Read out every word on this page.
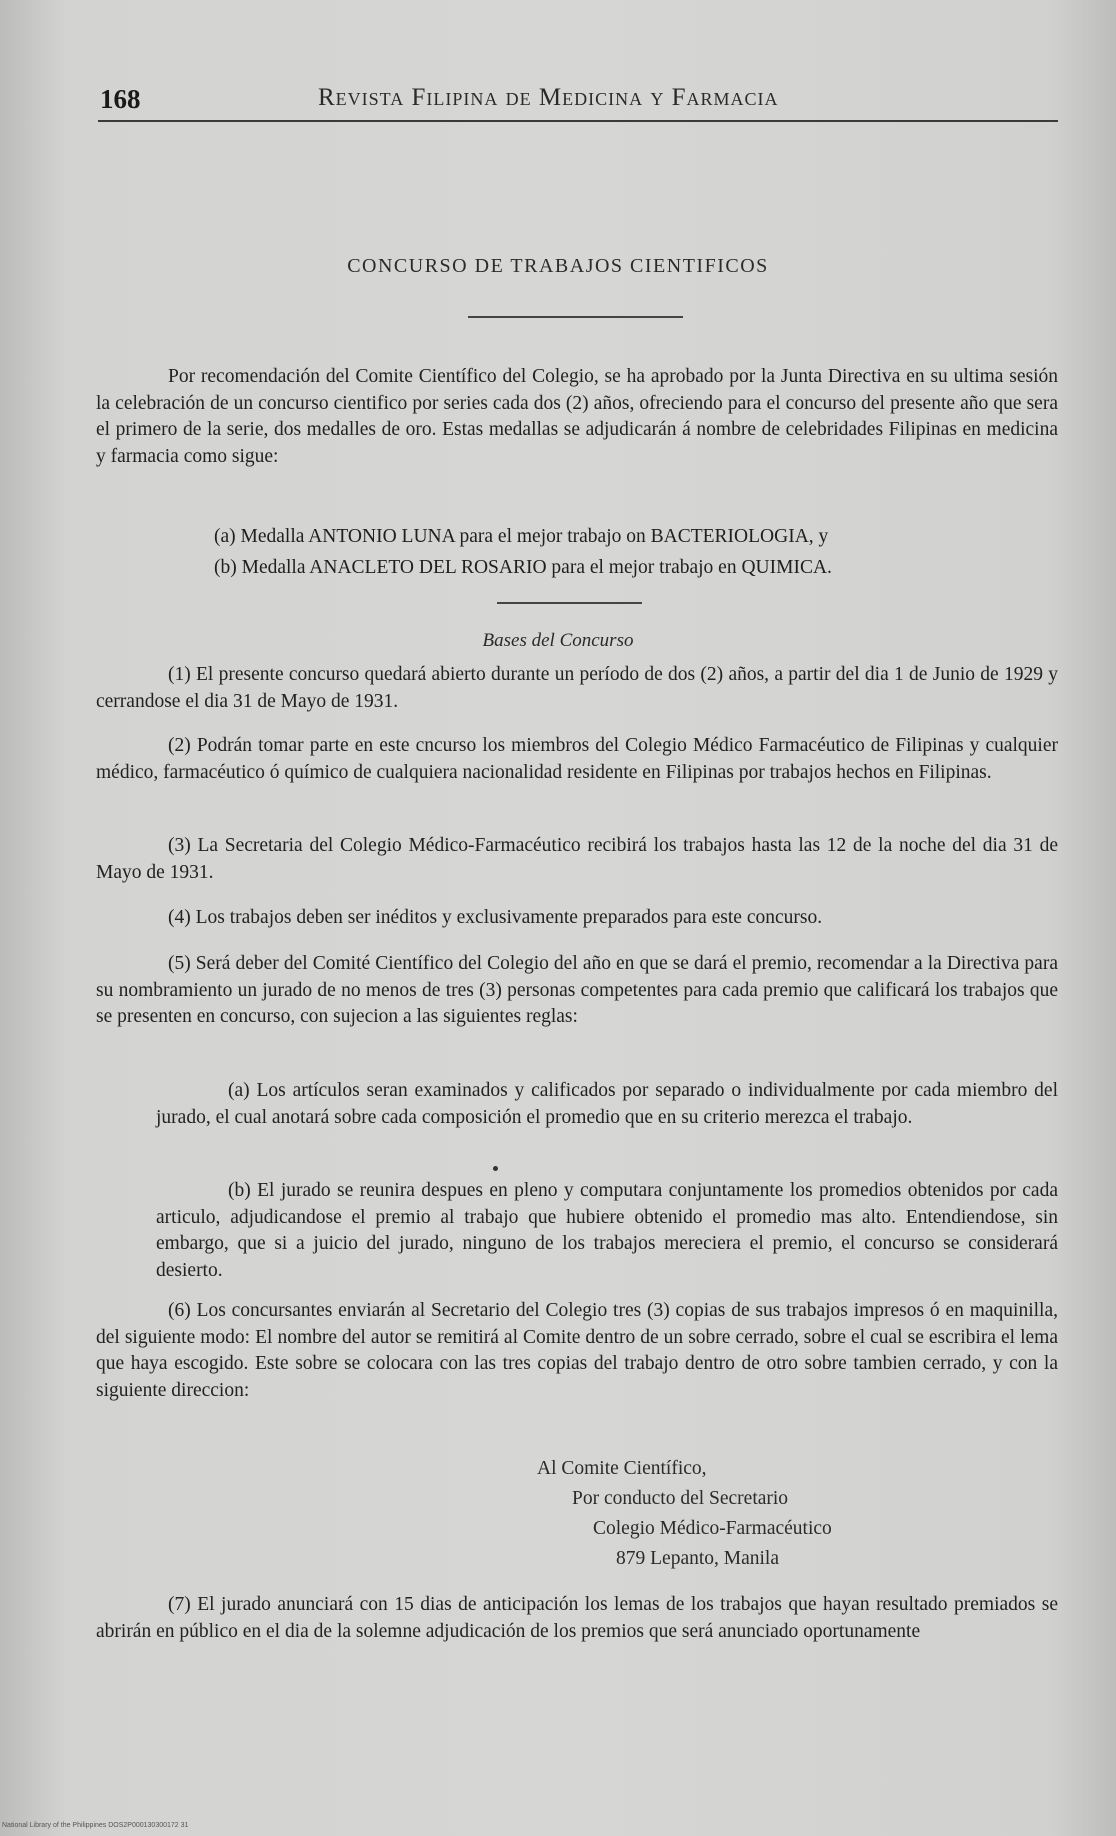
168	Revista Filipina de Medicina y Farmacia
CONCURSO DE TRABAJOS CIENTIFICOS
Por recomendación del Comite Científico del Colegio, se ha aprobado por la Junta Directiva en su ultima sesión la celebración de un concurso cientifico por series cada dos (2) años, ofreciendo para el concurso del presente año que sera el primero de la serie, dos medalles de oro. Estas medallas se adjudicarán á nombre de celebridades Filipinas en medicina y farmacia como sigue:
(a) Medalla ANTONIO LUNA para el mejor trabajo on BACTERIOLOGIA, y
(b) Medalla ANACLETO DEL ROSARIO para el mejor trabajo en QUIMICA.
Bases del Concurso
(1) El presente concurso quedará abierto durante un período de dos (2) años, a partir del dia 1 de Junio de 1929 y cerrandose el dia 31 de Mayo de 1931.
(2) Podrán tomar parte en este cncurso los miembros del Colegio Médico Farmacéutico de Filipinas y cualquier médico, farmacéutico ó químico de cualquiera nacionalidad residente en Filipinas por trabajos hechos en Filipinas.
(3) La Secretaria del Colegio Médico-Farmacéutico recibirá los trabajos hasta las 12 de la noche del dia 31 de Mayo de 1931.
(4) Los trabajos deben ser inéditos y exclusivamente preparados para este concurso.
(5) Será deber del Comité Científico del Colegio del año en que se dará el premio, recomendar a la Directiva para su nombramiento un jurado de no menos de tres (3) personas competentes para cada premio que calificará los trabajos que se presenten en concurso, con sujecion a las siguientes reglas:
(a) Los artículos seran examinados y calificados por separado o individualmente por cada miembro del jurado, el cual anotará sobre cada composición el promedio que en su criterio merezca el trabajo.
(b) El jurado se reunira despues en pleno y computara conjuntamente los promedios obtenidos por cada articulo, adjudicandose el premio al trabajo que hubiere obtenido el promedio mas alto. Entendiendose, sin embargo, que si a juicio del jurado, ninguno de los trabajos mereciera el premio, el concurso se considerará desierto.
(6) Los concursantes enviarán al Secretario del Colegio tres (3) copias de sus trabajos impresos ó en maquinilla, del siguiente modo: El nombre del autor se remitirá al Comite dentro de un sobre cerrado, sobre el cual se escribira el lema que haya escogido. Este sobre se colocara con las tres copias del trabajo dentro de otro sobre tambien cerrado, y con la siguiente direccion:
Al Comite Científico,
Por conducto del Secretario
Colegio Médico-Farmacéutico
879 Lepanto, Manila
(7) El jurado anunciará con 15 dias de anticipación los lemas de los trabajos que hayan resultado premiados se abrirán en público en el dia de la solemne adjudicación de los premios que será anunciado oportunamente
National Library of the Philippines DOS2P000130300172 31
